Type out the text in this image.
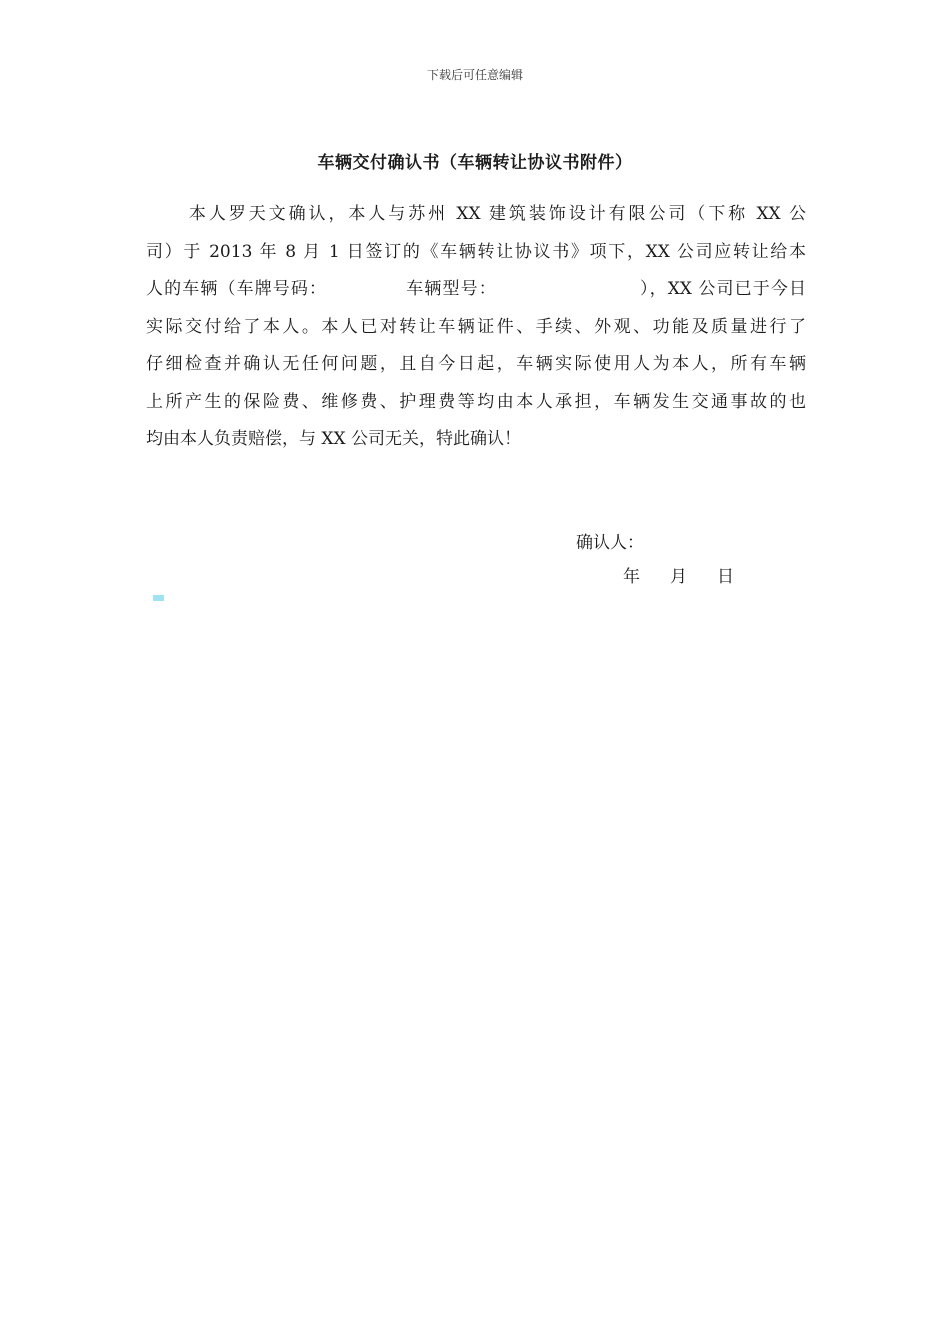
下载后可任意编辑
车辆交付确认书（车辆转让协议书附件）
本人罗天文确认，本人与苏州 XX 建筑装饰设计有限公司（下称 XX 公
司）于 2013 年 8 月 1 日签订的《车辆转让协议书》项下，XX 公司应转让给本
人的车辆（车牌号码：	车辆型号：	），XX 公司已于今日
实际交付给了本人。本人已对转让车辆证件、手续、外观、功能及质量进行了
仔细检查并确认无任何问题，且自今日起，车辆实际使用人为本人，所有车辆
上所产生的保险费、维修费、护理费等均由本人承担，车辆发生交通事故的也
均由本人负责赔偿，与 XX 公司无关，特此确认！
确认人：
年 月 日
